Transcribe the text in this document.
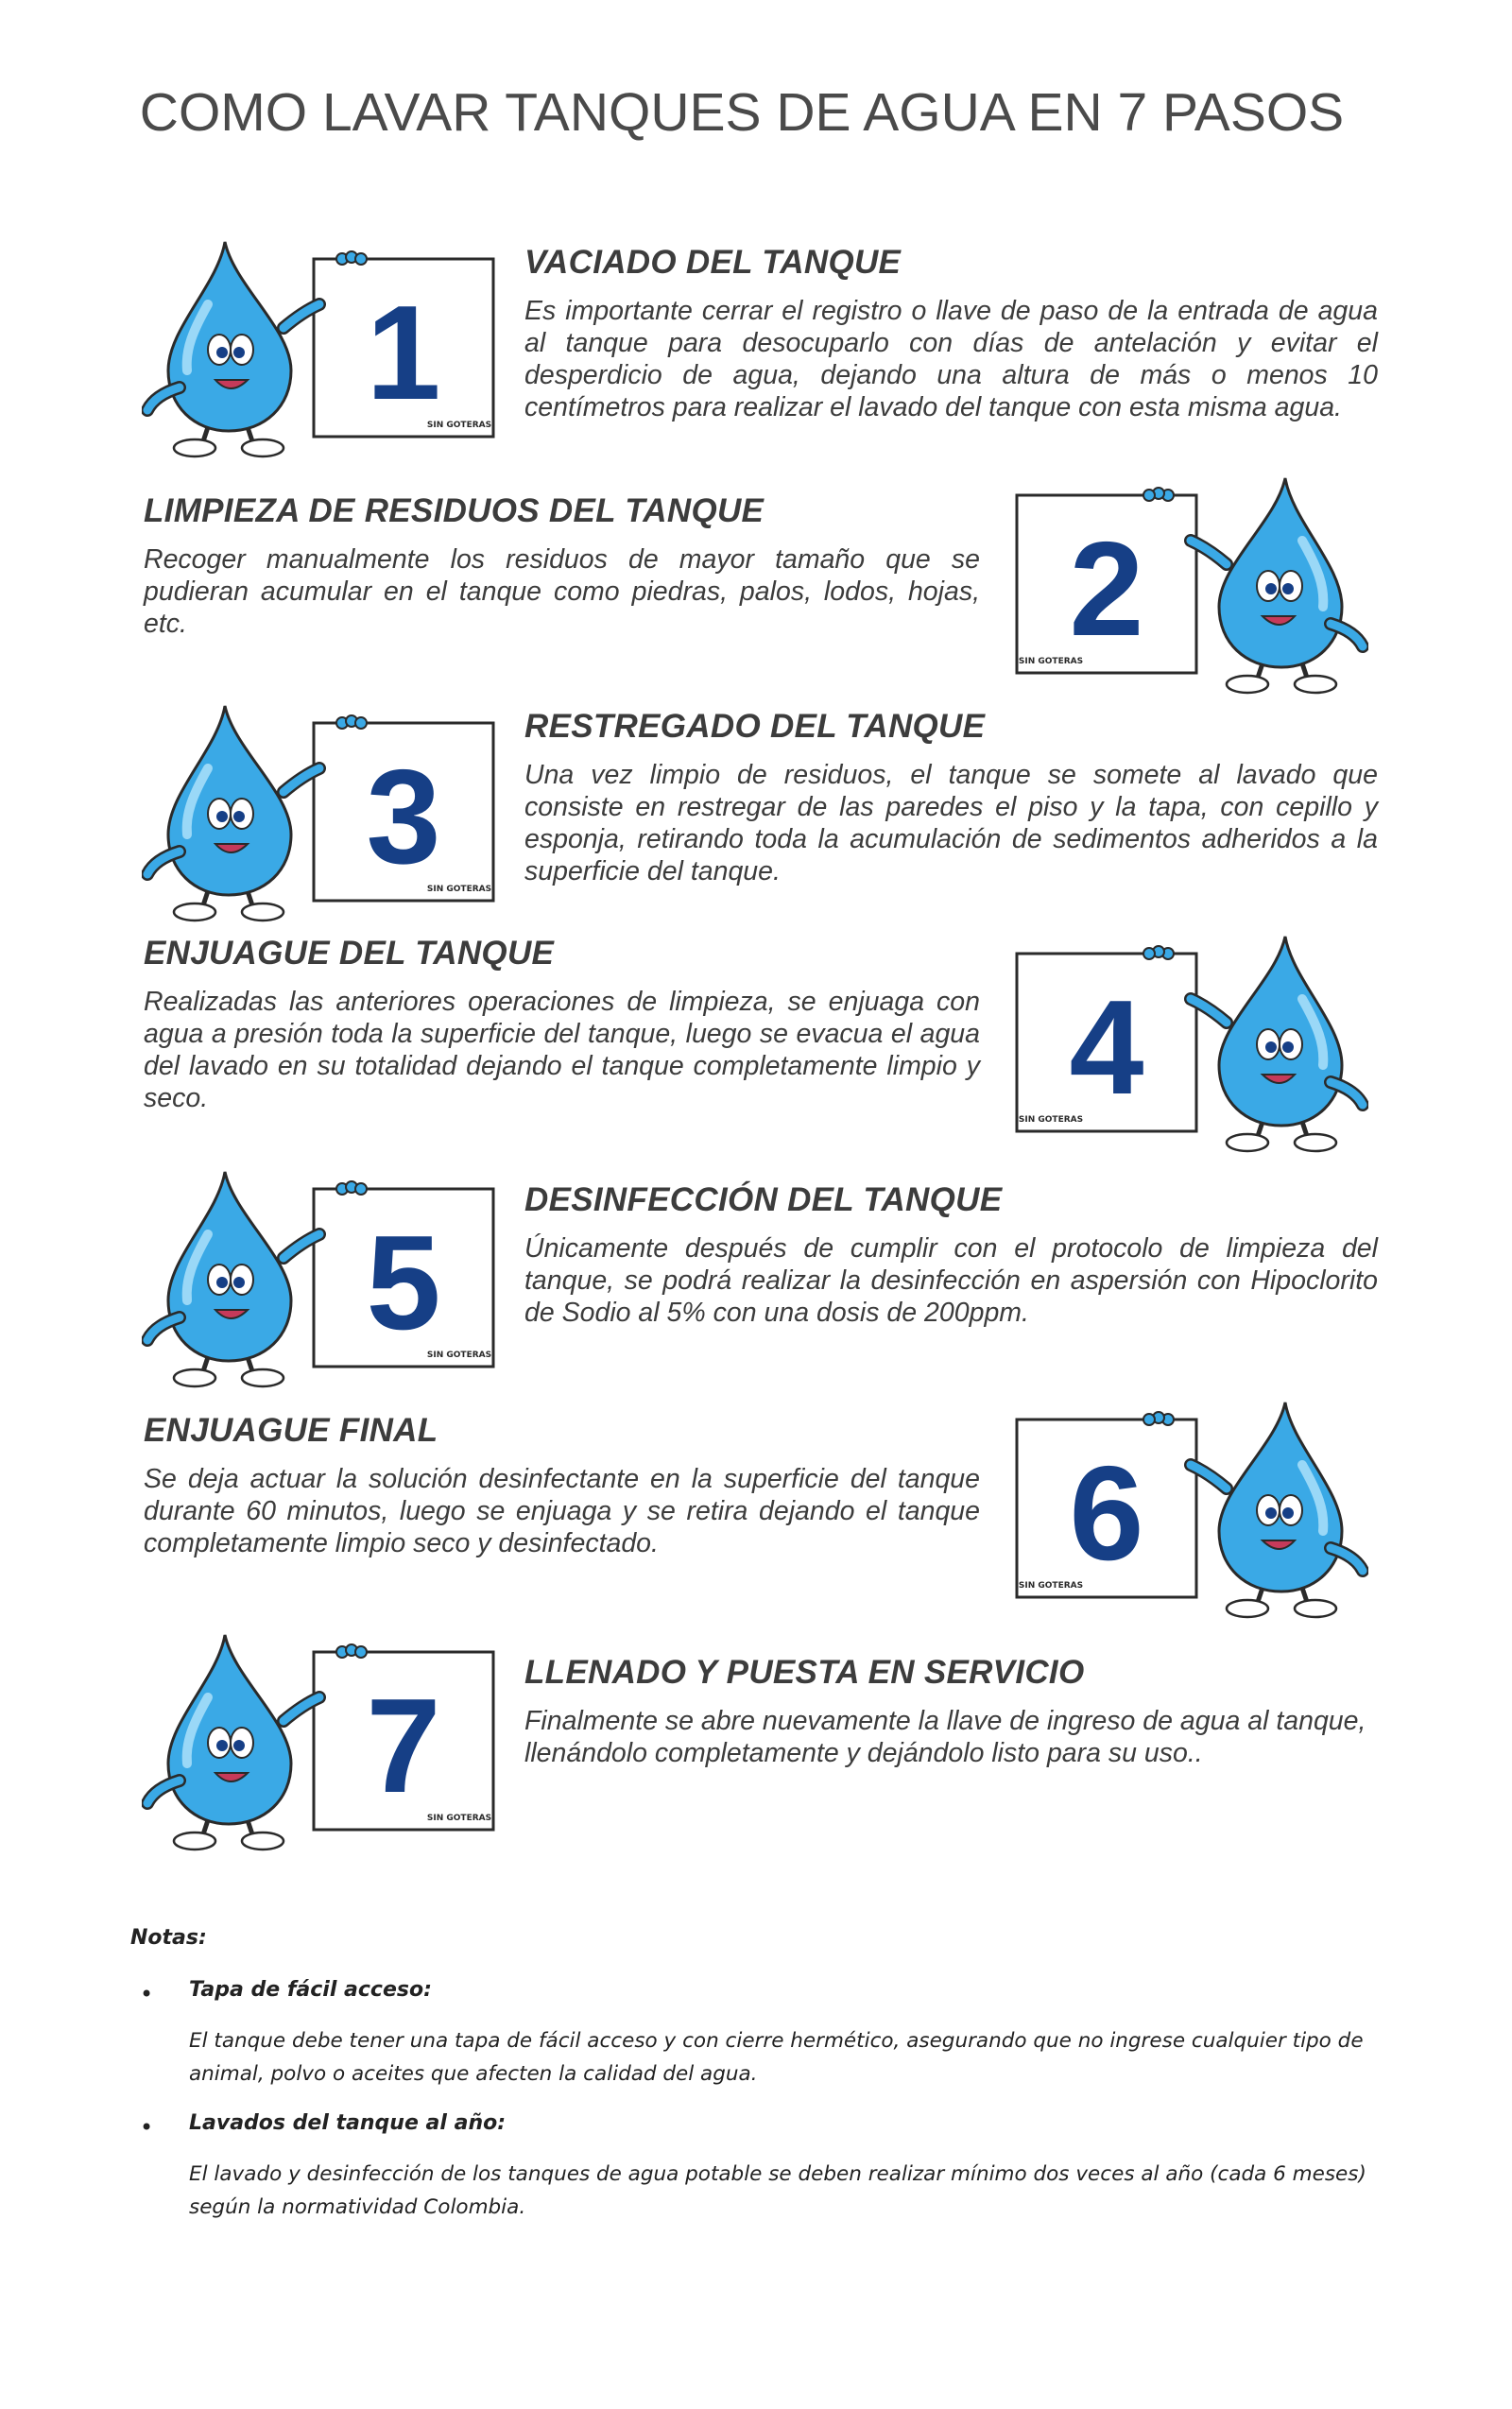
COMO LAVAR TANQUES DE AGUA EN 7 PASOS
1
SIN GOTERAS
VACIADO DEL TANQUE

Es importante cerrar el registro o llave de paso de la entrada de agua al tanque para desocuparlo con días de antelación y evitar el desperdicio de agua, dejando una altura de más o menos 10 centímetros para realizar el lavado del tanque con esta misma agua.

LIMPIEZA DE RESIDUOS DEL TANQUE

Recoger manualmente los residuos de mayor tamaño que se pudieran acumular en el tanque como piedras, palos, lodos, hojas, etc.	2
SIN GOTERAS
3
SIN GOTERAS
RESTREGADO DEL TANQUE

Una vez limpio de residuos, el tanque se somete al lavado que consiste en restregar de las paredes el piso y la tapa, con cepillo y esponja, retirando toda la acumulación de sedimentos adheridos a la superficie del tanque.

ENJUAGUE DEL TANQUE

Realizadas las anteriores operaciones de limpieza, se enjuaga con agua a presión toda la superficie del tanque, luego se evacua el agua del lavado en su totalidad dejando el tanque completamente limpio y seco.	4
SIN GOTERAS
5
SIN GOTERAS
DESINFECCIÓN DEL TANQUE

Únicamente después de cumplir con el protocolo de limpieza del tanque, se podrá realizar la desinfección en aspersión con Hipoclorito de Sodio al 5% con una dosis de 200ppm.

ENJUAGUE FINAL

Se deja actuar la solución desinfectante en la superficie del tanque durante 60 minutos, luego se enjuaga y se retira dejando el tanque completamente limpio seco y desinfectado.	6
SIN GOTERAS
7
SIN GOTERAS
LLENADO Y PUESTA EN SERVICIO

Finalmente se abre nuevamente la llave de ingreso de agua al tanque, llenándolo completamente y dejándolo listo para su uso..

Notas:
• Tapa de fácil acceso:

El tanque debe tener una tapa de fácil acceso y con cierre hermético, asegurando que no ingrese cualquier tipo de animal, polvo o aceites que afecten la calidad del agua.

• Lavados del tanque al año:

El lavado y desinfección de los tanques de agua potable se deben realizar mínimo dos veces al año (cada 6 meses) según la normatividad Colombia.
